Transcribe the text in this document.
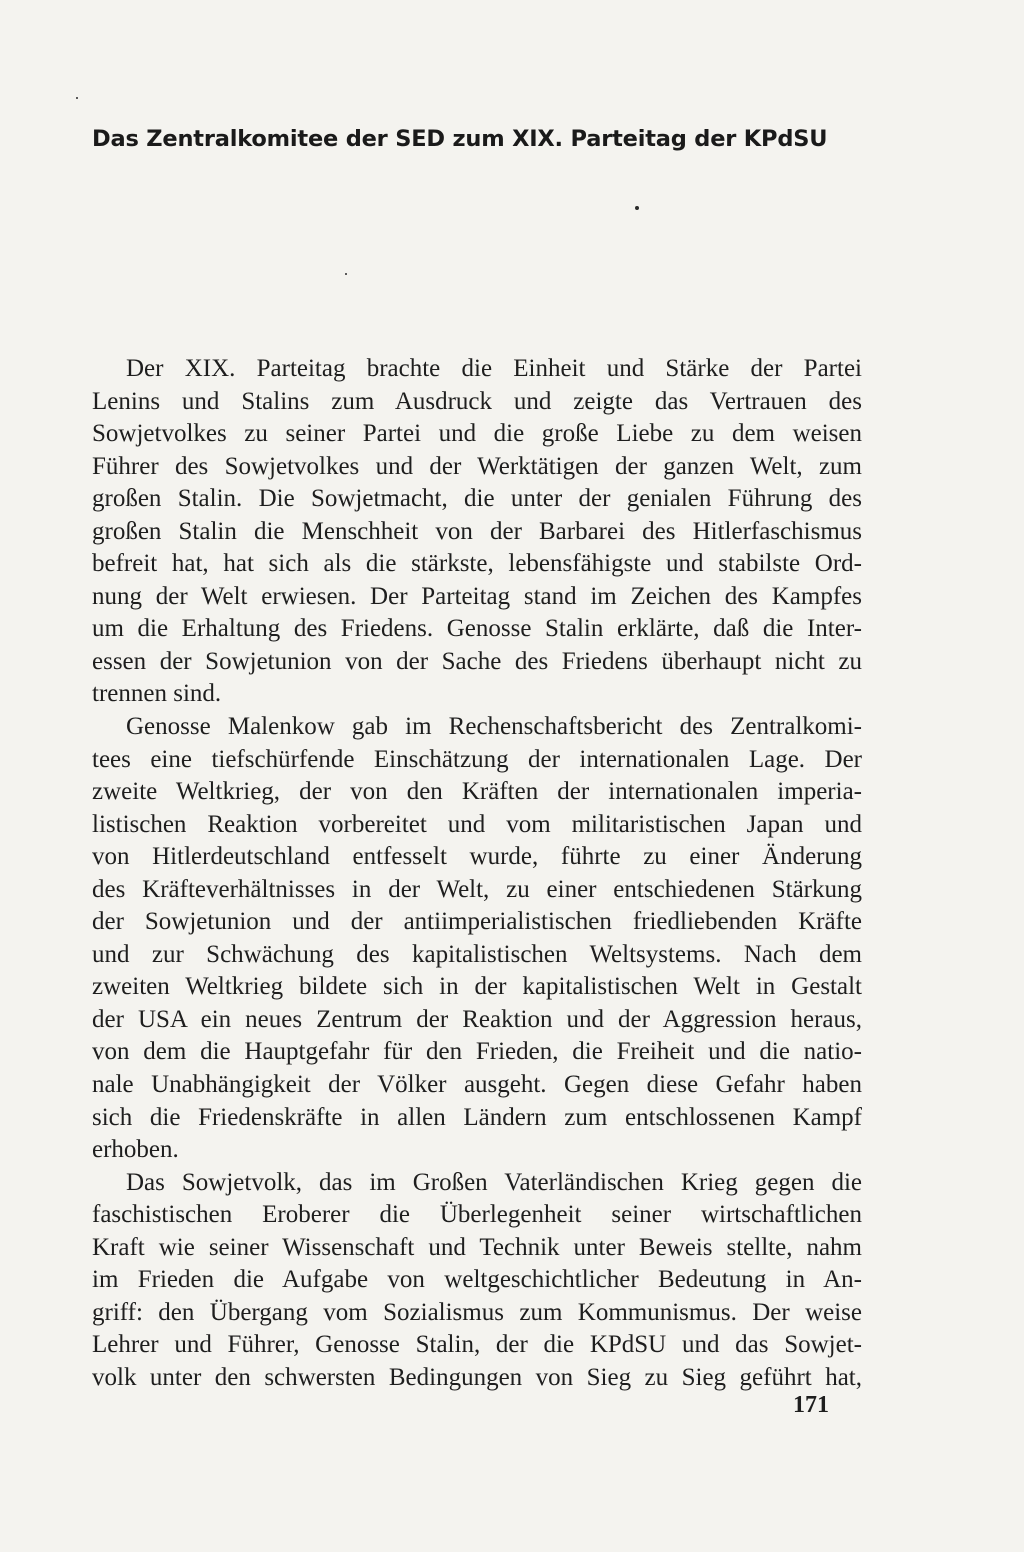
Das Zentralkomitee der SED zum XIX. Parteitag der KPdSU
Der XIX. Parteitag brachte die Einheit und Stärke der Partei
Lenins und Stalins zum Ausdruck und zeigte das Vertrauen des
Sowjetvolkes zu seiner Partei und die große Liebe zu dem weisen
Führer des Sowjetvolkes und der Werktätigen der ganzen Welt, zum
großen Stalin. Die Sowjetmacht, die unter der genialen Führung des
großen Stalin die Menschheit von der Barbarei des Hitlerfaschismus
befreit hat, hat sich als die stärkste, lebensfähigste und stabilste Ord-
nung der Welt erwiesen. Der Parteitag stand im Zeichen des Kampfes
um die Erhaltung des Friedens. Genosse Stalin erklärte, daß die Inter-
essen der Sowjetunion von der Sache des Friedens überhaupt nicht zu
trennen sind.
Genosse Malenkow gab im Rechenschaftsbericht des Zentralkomi-
tees eine tiefschürfende Einschätzung der internationalen Lage. Der
zweite Weltkrieg, der von den Kräften der internationalen imperia-
listischen Reaktion vorbereitet und vom militaristischen Japan und
von Hitlerdeutschland entfesselt wurde, führte zu einer Änderung
des Kräfteverhältnisses in der Welt, zu einer entschiedenen Stärkung
der Sowjetunion und der antiimperialistischen friedliebenden Kräfte
und zur Schwächung des kapitalistischen Weltsystems. Nach dem
zweiten Weltkrieg bildete sich in der kapitalistischen Welt in Gestalt
der USA ein neues Zentrum der Reaktion und der Aggression heraus,
von dem die Hauptgefahr für den Frieden, die Freiheit und die natio-
nale Unabhängigkeit der Völker ausgeht. Gegen diese Gefahr haben
sich die Friedenskräfte in allen Ländern zum entschlossenen Kampf
erhoben.
Das Sowjetvolk, das im Großen Vaterländischen Krieg gegen die
faschistischen Eroberer die Überlegenheit seiner wirtschaftlichen
Kraft wie seiner Wissenschaft und Technik unter Beweis stellte, nahm
im Frieden die Aufgabe von weltgeschichtlicher Bedeutung in An-
griff: den Übergang vom Sozialismus zum Kommunismus. Der weise
Lehrer und Führer, Genosse Stalin, der die KPdSU und das Sowjet-
volk unter den schwersten Bedingungen von Sieg zu Sieg geführt hat,
171
